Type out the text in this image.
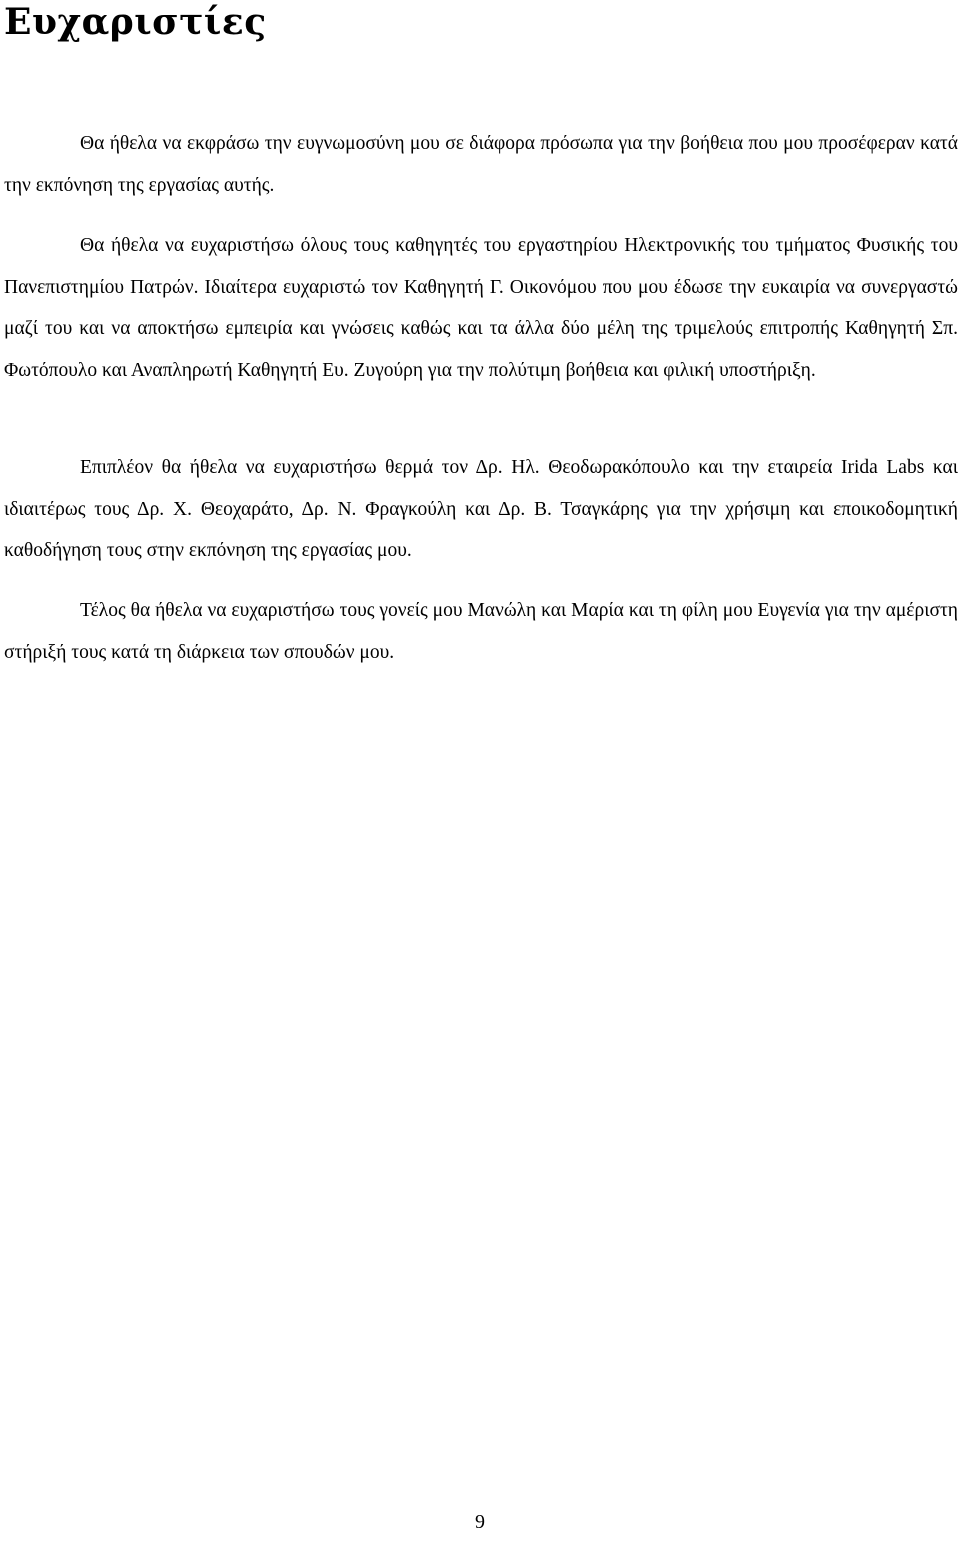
Ευχαριστίες

Θα ήθελα να εκφράσω την ευγνωμοσύνη μου σε διάφορα πρόσωπα για την βοήθεια που μου προσέφεραν κατά την εκπόνηση της εργασίας αυτής.

Θα ήθελα να ευχαριστήσω όλους τους καθηγητές του εργαστηρίου Ηλεκτρονικής του τμήματος Φυσικής του Πανεπιστημίου Πατρών. Ιδιαίτερα ευχαριστώ τον Καθηγητή Γ. Οικονόμου που μου έδωσε την ευκαιρία να συνεργαστώ μαζί του και να αποκτήσω εμπειρία και γνώσεις καθώς και τα άλλα δύο μέλη της τριμελούς επιτροπής Καθηγητή Σπ. Φωτόπουλο και Αναπληρωτή Καθηγητή Ευ. Ζυγούρη για την πολύτιμη βοήθεια και φιλική υποστήριξη.

Επιπλέον θα ήθελα να ευχαριστήσω θερμά τον Δρ. Ηλ. Θεοδωρακόπουλο και την εταιρεία Irida Labs και ιδιαιτέρως τους Δρ. Χ. Θεοχαράτο, Δρ. Ν. Φραγκούλη και Δρ. Β. Τσαγκάρης για την χρήσιμη και εποικοδομητική καθοδήγηση τους στην εκπόνηση της εργασίας μου.

Τέλος θα ήθελα να ευχαριστήσω τους γονείς μου Μανώλη και Μαρία και τη φίλη μου Ευγενία για την αμέριστη στήριξή τους κατά τη διάρκεια των σπουδών μου.

9
